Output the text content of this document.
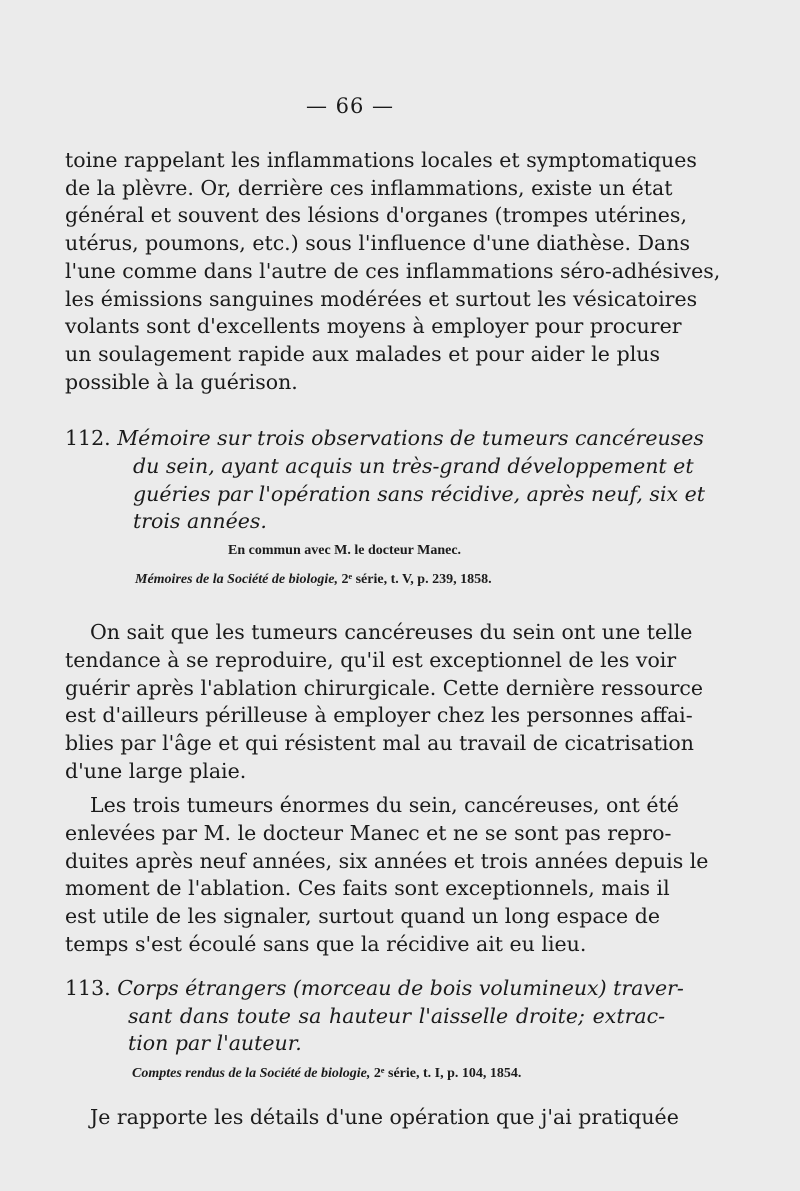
— 66 —
toine rappelant les inflammations locales et symptomatiques
de la plèvre. Or, derrière ces inflammations, existe un état
général et souvent des lésions d'organes (trompes utérines,
utérus, poumons, etc.) sous l'influence d'une diathèse. Dans
l'une comme dans l'autre de ces inflammations séro-adhésives,
les émissions sanguines modérées et surtout les vésicatoires
volants sont d'excellents moyens à employer pour procurer
un soulagement rapide aux malades et pour aider le plus
possible à la guérison.
112. Mémoire sur trois observations de tumeurs cancéreuses
du sein, ayant acquis un très-grand développement et
guéries par l'opération sans récidive, après neuf, six et
trois années.
En commun avec M. le docteur Manec.
Mémoires de la Société de biologie, 2ᵉ série, t. V, p. 239, 1858.
On sait que les tumeurs cancéreuses du sein ont une telle
tendance à se reproduire, qu'il est exceptionnel de les voir
guérir après l'ablation chirurgicale. Cette dernière ressource
est d'ailleurs périlleuse à employer chez les personnes affai-
blies par l'âge et qui résistent mal au travail de cicatrisation
d'une large plaie.
Les trois tumeurs énormes du sein, cancéreuses, ont été
enlevées par M. le docteur Manec et ne se sont pas repro-
duites après neuf années, six années et trois années depuis le
moment de l'ablation. Ces faits sont exceptionnels, mais il
est utile de les signaler, surtout quand un long espace de
temps s'est écoulé sans que la récidive ait eu lieu.
113. Corps étrangers (morceau de bois volumineux) traver-
sant dans toute sa hauteur l'aisselle droite; extrac-
tion par l'auteur.
Comptes rendus de la Société de biologie, 2ᵉ série, t. I, p. 104, 1854.
Je rapporte les détails d'une opération que j'ai pratiquée
